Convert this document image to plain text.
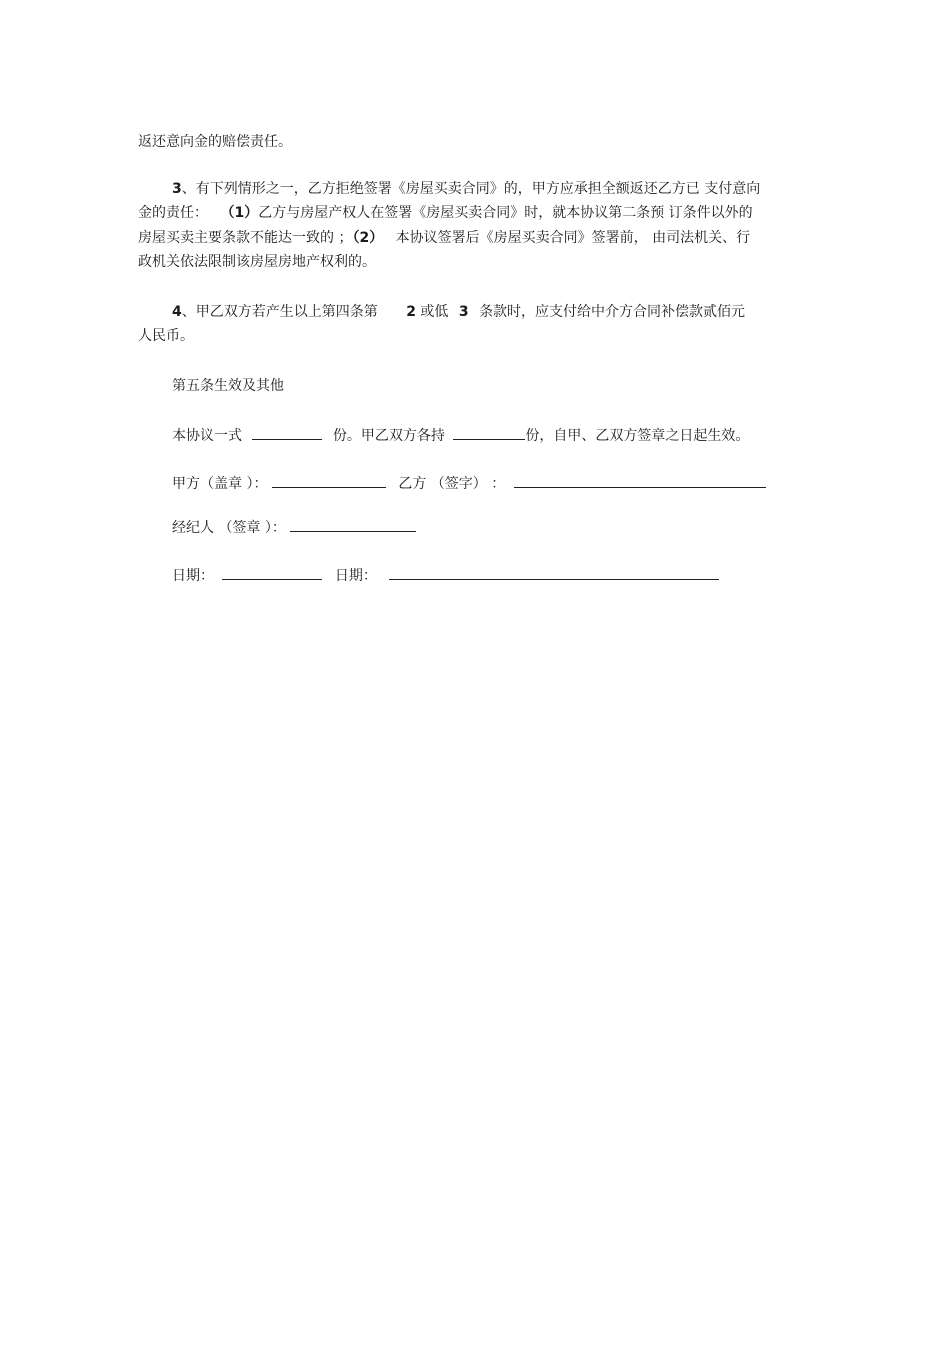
返还意向金的赔偿责任。
3、有下列情形之一，乙方拒绝签署《房屋买卖合同》的，甲方应承担全额返还乙方已 支付意向
金的责任： （1）乙方与房屋产权人在签署《房屋买卖合同》时，就本协议第二条预 订条件以外的
房屋买卖主要条款不能达一致的 ；（2） 本协议签署后《房屋买卖合同》签署前， 由司法机关、行
政机关依法限制该房屋房地产权利的。
4、甲乙双方若产生以上第四条第 2 或低 3 条款时，应支付给中介方合同补偿款贰佰元
人民币。
第五条生效及其他
本协议一式	份。甲乙双方各持	份，自甲、乙双方签章之日起生效。
甲方（盖章 ）：	乙方 （签字） ：
经纪人 （签章 ）：
日期：	日期：
